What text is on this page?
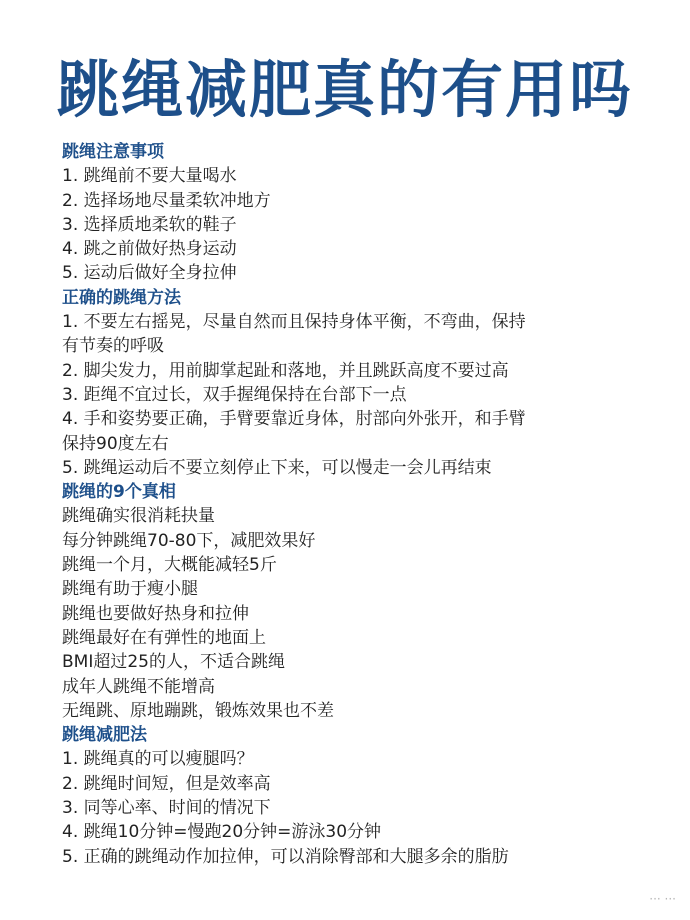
跳绳减肥真的有用吗
跳绳注意事项
1. 跳绳前不要大量喝水
2. 选择场地尽量柔软冲地方
3. 选择质地柔软的鞋子
4. 跳之前做好热身运动
5. 运动后做好全身拉伸
正确的跳绳方法
1. 不要左右摇晃，尽量自然而且保持身体平衡，不弯曲，保持
有节奏的呼吸
2. 脚尖发力，用前脚掌起趾和落地，并且跳跃高度不要过高
3. 距绳不宜过长，双手握绳保持在台部下一点
4. 手和姿势要正确，手臂要靠近身体，肘部向外张开，和手臂
保持90度左右
5. 跳绳运动后不要立刻停止下来，可以慢走一会儿再结束
跳绳的9个真相
跳绳确实很消耗抉量
每分钟跳绳70-80下，减肥效果好
跳绳一个月，大概能减轻5斤
跳绳有助于瘦小腿
跳绳也要做好热身和拉伸
跳绳最好在有弹性的地面上
BMI超过25的人，不适合跳绳
成年人跳绳不能增高
无绳跳、原地蹦跳，锻炼效果也不差
跳绳减肥法
1. 跳绳真的可以瘦腿吗？
2. 跳绳时间短，但是效率高
3. 同等心率、时间的情况下
4. 跳绳10分钟=慢跑20分钟=游泳30分钟
5. 正确的跳绳动作加拉伸，可以消除臀部和大腿多余的脂肪
··· ···
